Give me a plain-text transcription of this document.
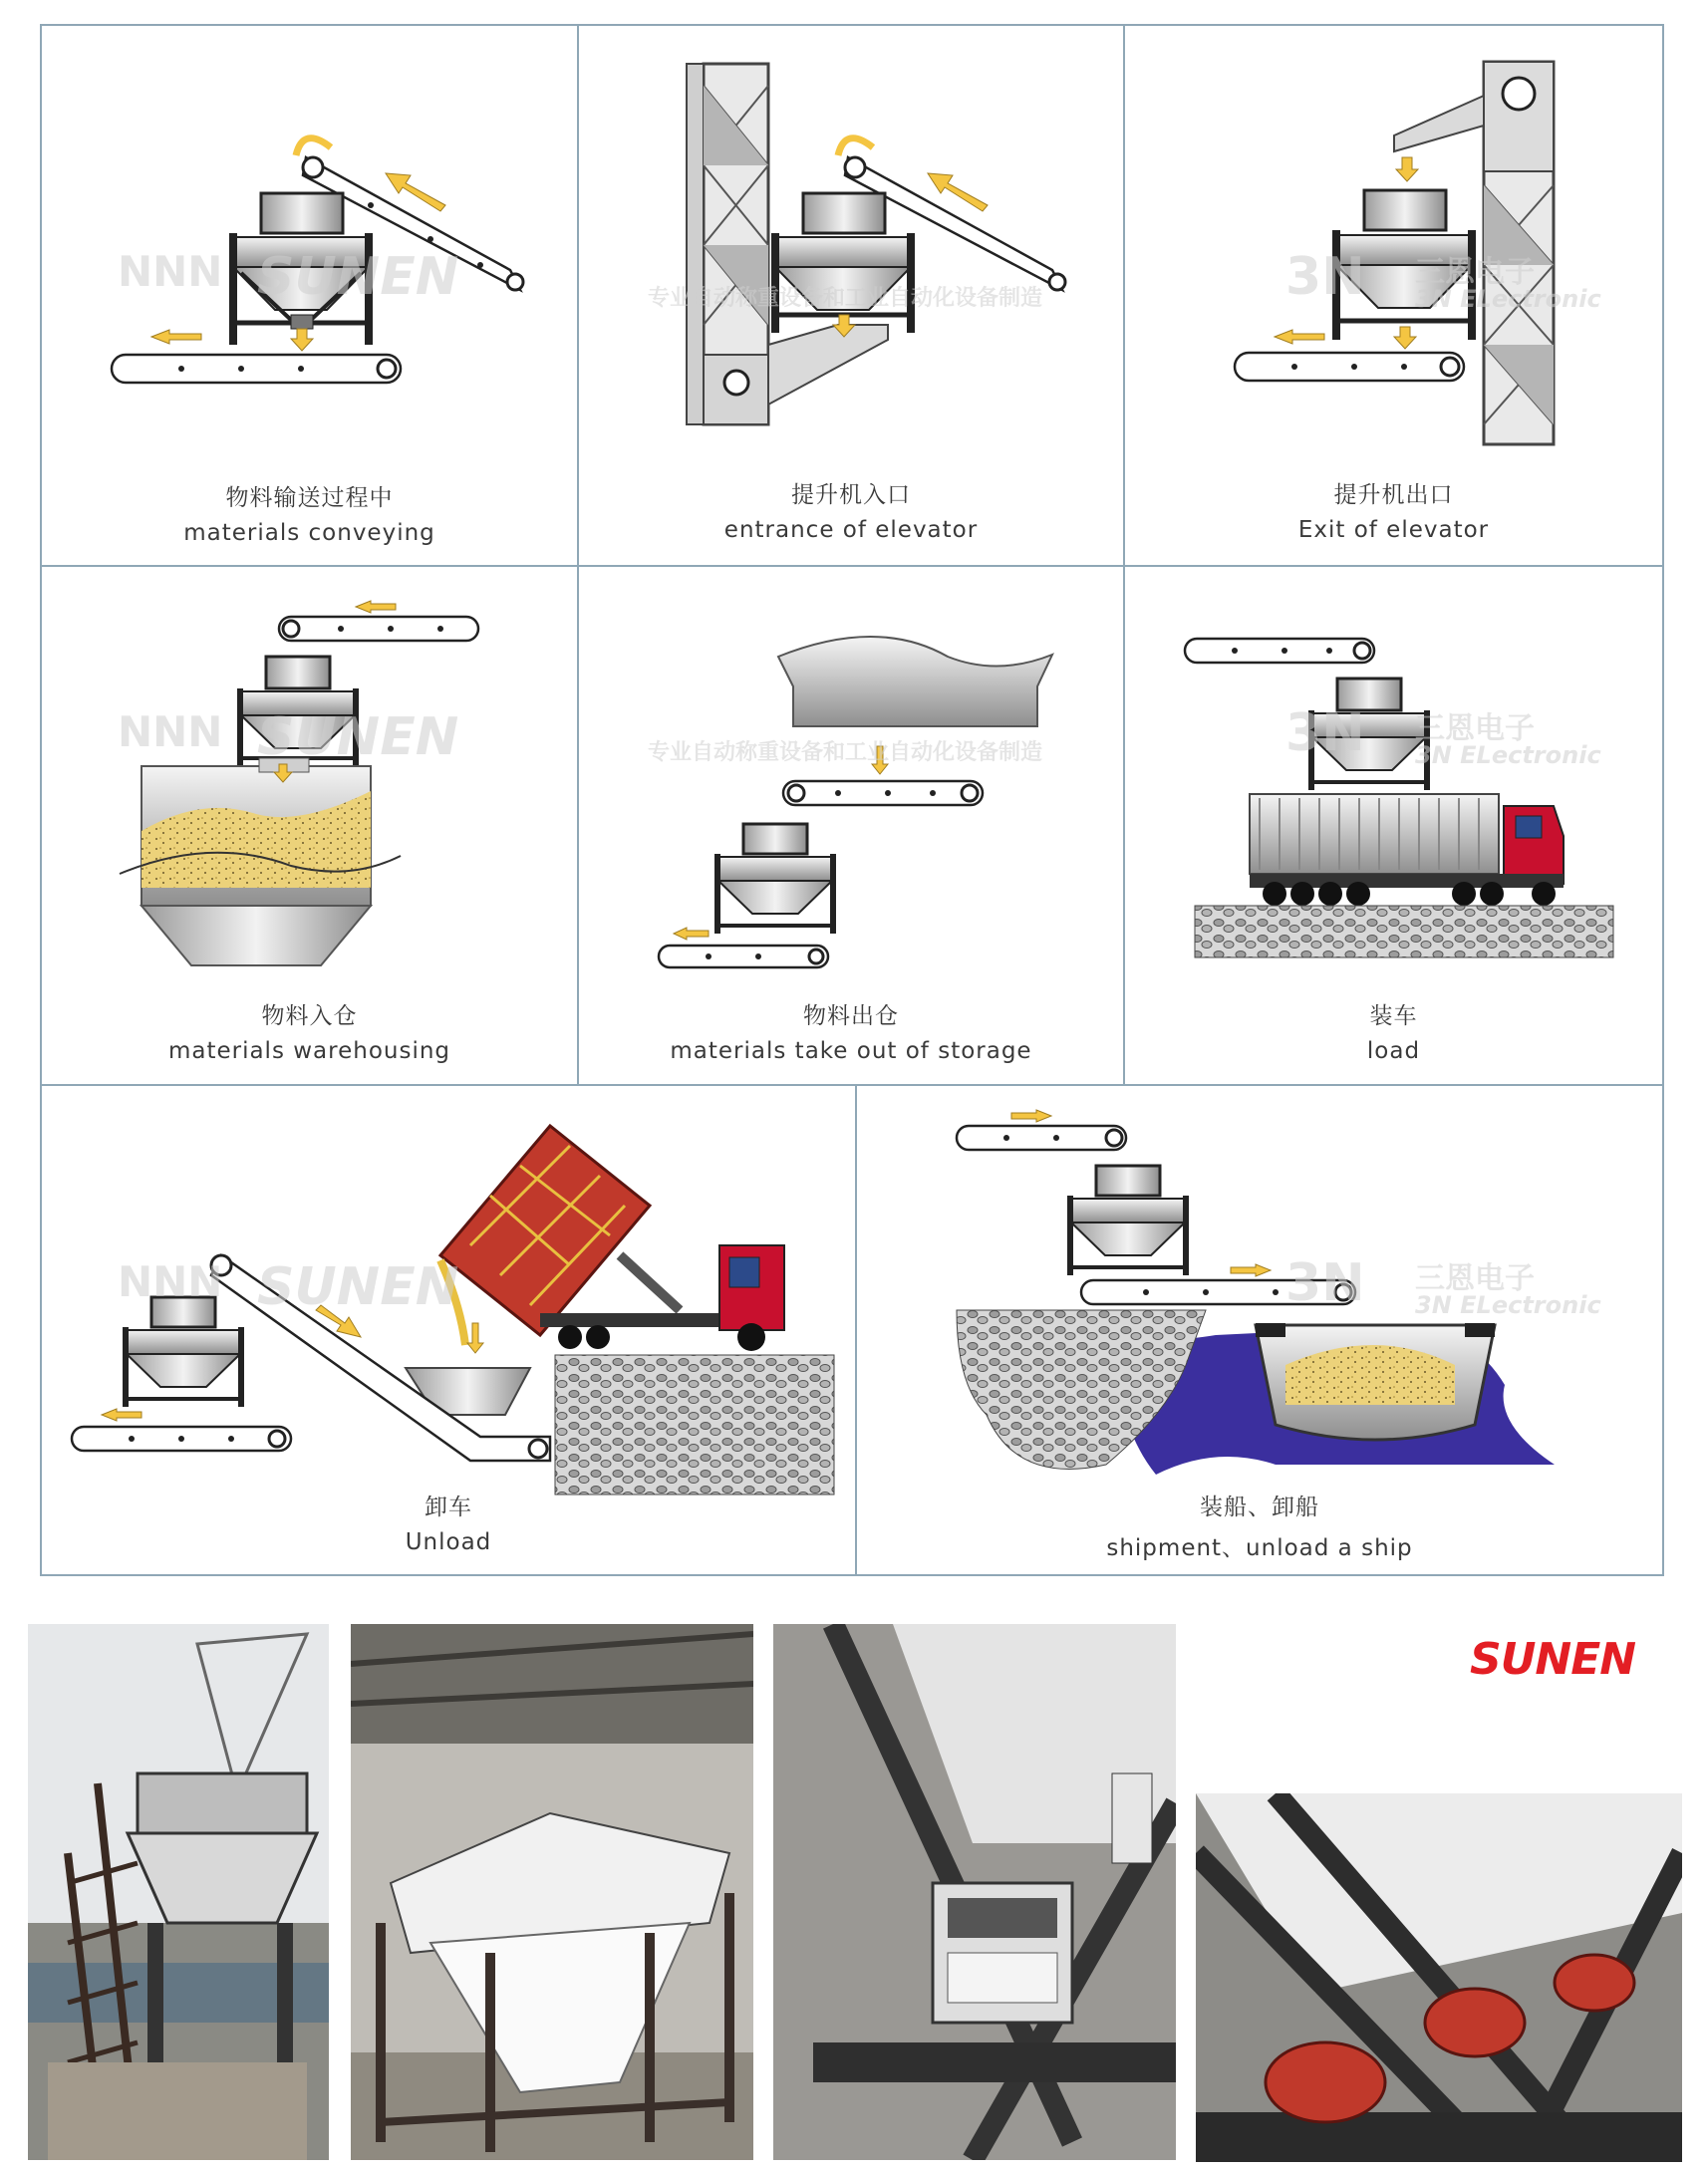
物料输送过程中
materials conveying
提升机入口
entrance of elevator
提升机出口
Exit of elevator
物料入仓
materials warehousing
物料出仓
materials take out of storage
装车
load
卸车
Unload
装船、卸船
shipment、unload a ship
NNN SUNEN	专业自动称重设备和工业自动化设备制造	3N 三恩电子
3N ELectronic
NNN SUNEN	专业自动称重设备和工业自动化设备制造	3N 三恩电子
3N ELectronic
NNN SUNEN	3N 三恩电子
3N ELectronic
SUNEN
